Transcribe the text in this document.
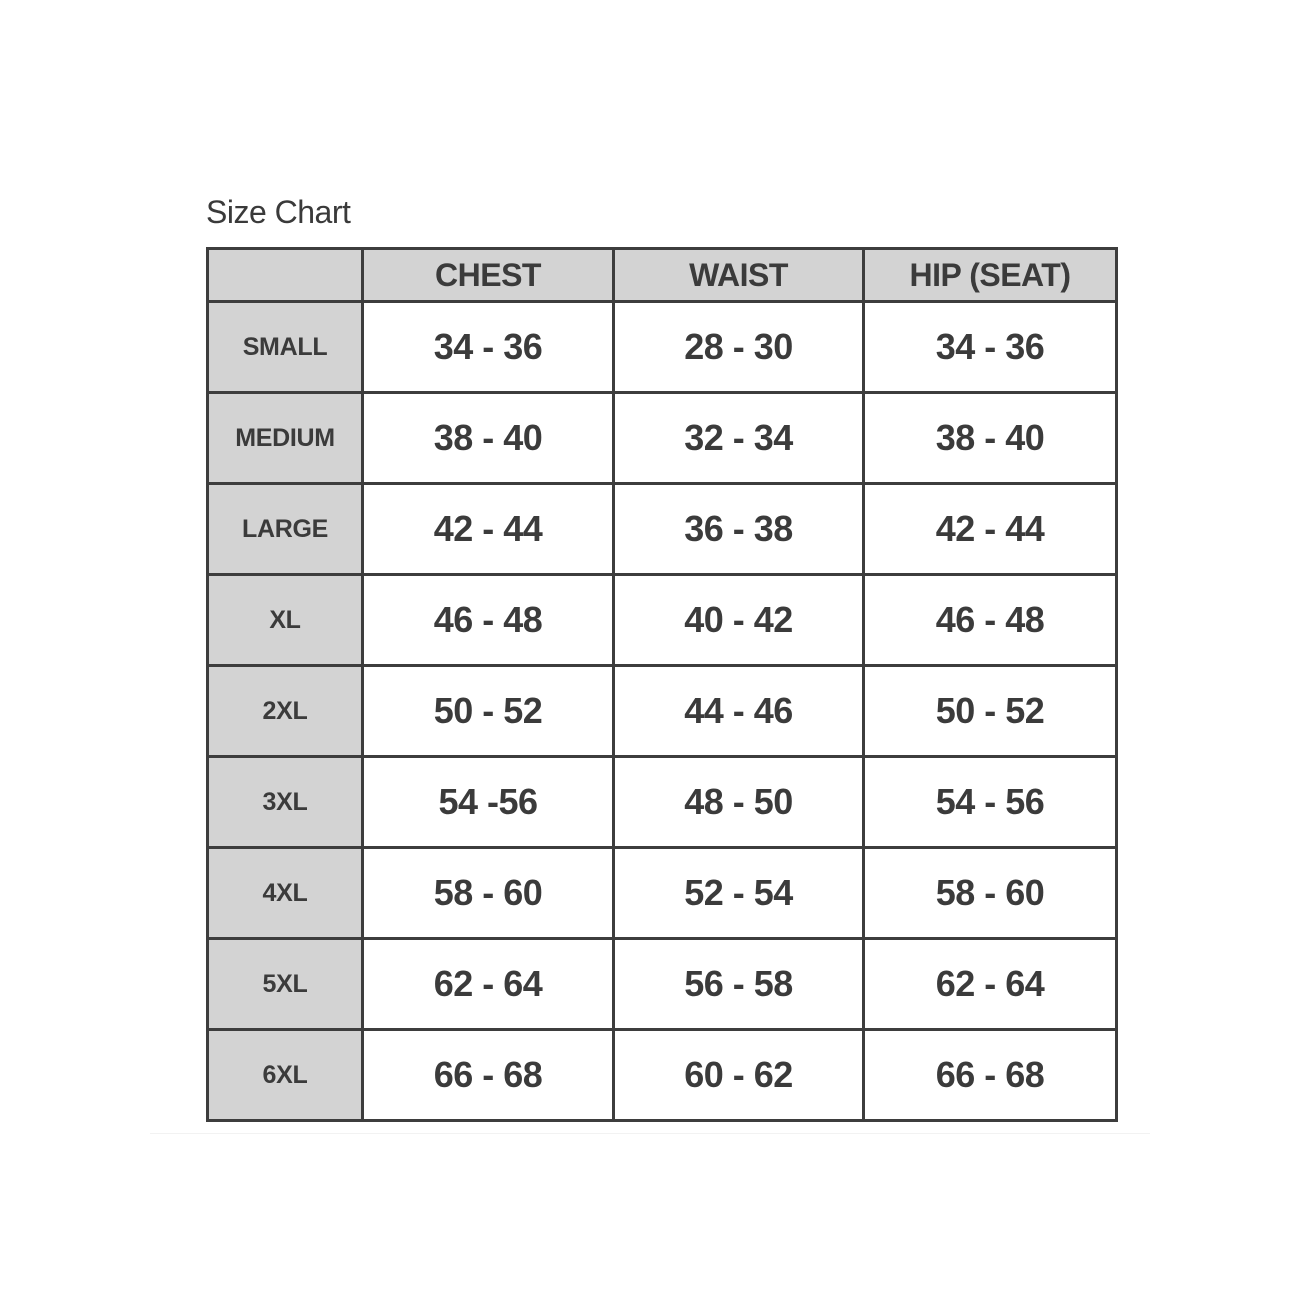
Size Chart
	CHEST	WAIST	HIP (SEAT)
SMALL	34 - 36	28 - 30	34 - 36
MEDIUM	38 - 40	32 - 34	38 - 40
LARGE	42 - 44	36 - 38	42 - 44
XL	46 - 48	40 - 42	46 - 48
2XL	50 - 52	44 - 46	50 - 52
3XL	54 -56	48 - 50	54 - 56
4XL	58 - 60	52 - 54	58 - 60
5XL	62 - 64	56 - 58	62 - 64
6XL	66 - 68	60 - 62	66 - 68
